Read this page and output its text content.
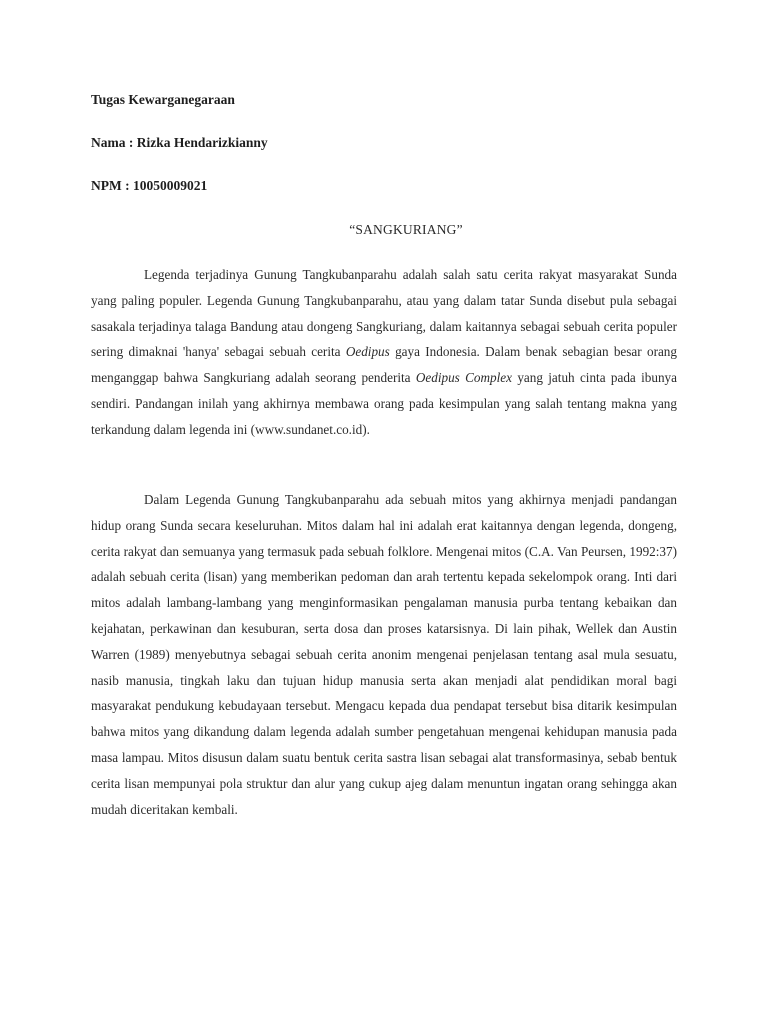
Tugas Kewarganegaraan
Nama : Rizka Hendarizkianny
NPM : 10050009021
“SANGKURIANG”

Legenda terjadinya Gunung Tangkubanparahu adalah salah satu cerita rakyat masyarakat Sunda yang paling populer. Legenda Gunung Tangkubanparahu, atau yang dalam tatar Sunda disebut pula sebagai sasakala terjadinya talaga Bandung atau dongeng Sangkuriang, dalam kaitannya sebagai sebuah cerita populer sering dimaknai 'hanya' sebagai sebuah cerita Oedipus gaya Indonesia. Dalam benak sebagian besar orang menganggap bahwa Sangkuriang adalah seorang penderita Oedipus Complex yang jatuh cinta pada ibunya sendiri. Pandangan inilah yang akhirnya membawa orang pada kesimpulan yang salah tentang makna yang terkandung dalam legenda ini (www.sundanet.co.id).

Dalam Legenda Gunung Tangkubanparahu ada sebuah mitos yang akhirnya menjadi pandangan hidup orang Sunda secara keseluruhan. Mitos dalam hal ini adalah erat kaitannya dengan legenda, dongeng, cerita rakyat dan semuanya yang termasuk pada sebuah folklore. Mengenai mitos (C.A. Van Peursen, 1992:37) adalah sebuah cerita (lisan) yang memberikan pedoman dan arah tertentu kepada sekelompok orang. Inti dari mitos adalah lambang-lambang yang menginformasikan pengalaman manusia purba tentang kebaikan dan kejahatan, perkawinan dan kesuburan, serta dosa dan proses katarsisnya. Di lain pihak, Wellek dan Austin Warren (1989) menyebutnya sebagai sebuah cerita anonim mengenai penjelasan tentang asal mula sesuatu, nasib manusia, tingkah laku dan tujuan hidup manusia serta akan menjadi alat pendidikan moral bagi masyarakat pendukung kebudayaan tersebut. Mengacu kepada dua pendapat tersebut bisa ditarik kesimpulan bahwa mitos yang dikandung dalam legenda adalah sumber pengetahuan mengenai kehidupan manusia pada masa lampau. Mitos disusun dalam suatu bentuk cerita sastra lisan sebagai alat transformasinya, sebab bentuk cerita lisan mempunyai pola struktur dan alur yang cukup ajeg dalam menuntun ingatan orang sehingga akan mudah diceritakan kembali.
